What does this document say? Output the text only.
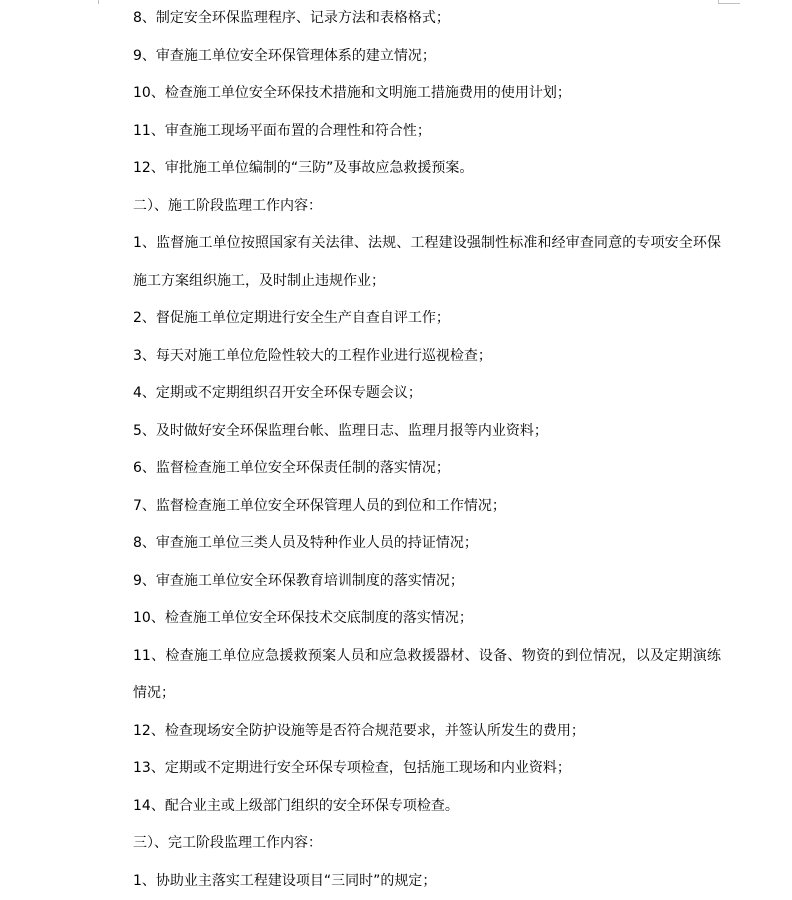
8、制定安全环保监理程序、记录方法和表格格式；

9、审查施工单位安全环保管理体系的建立情况；

10、检查施工单位安全环保技术措施和文明施工措施费用的使用计划；

11、审查施工现场平面布置的合理性和符合性；

12、审批施工单位编制的“三防”及事故应急救援预案。

二）、施工阶段监理工作内容：

1、监督施工单位按照国家有关法律、法规、工程建设强制性标准和经审查同意的专项安全环保施工方案组织施工，及时制止违规作业；

2、督促施工单位定期进行安全生产自查自评工作；

3、每天对施工单位危险性较大的工程作业进行巡视检查；

4、定期或不定期组织召开安全环保专题会议；

5、及时做好安全环保监理台帐、监理日志、监理月报等内业资料；

6、监督检查施工单位安全环保责任制的落实情况；

7、监督检查施工单位安全环保管理人员的到位和工作情况；

8、审查施工单位三类人员及特种作业人员的持证情况；

9、审查施工单位安全环保教育培训制度的落实情况；

10、检查施工单位安全环保技术交底制度的落实情况；

11、检查施工单位应急援救预案人员和应急救援器材、设备、物资的到位情况，以及定期演练情况；

12、检查现场安全防护设施等是否符合规范要求，并签认所发生的费用；

13、定期或不定期进行安全环保专项检查，包括施工现场和内业资料；

14、配合业主或上级部门组织的安全环保专项检查。

三）、完工阶段监理工作内容：

1、协助业主落实工程建设项目“三同时”的规定；
